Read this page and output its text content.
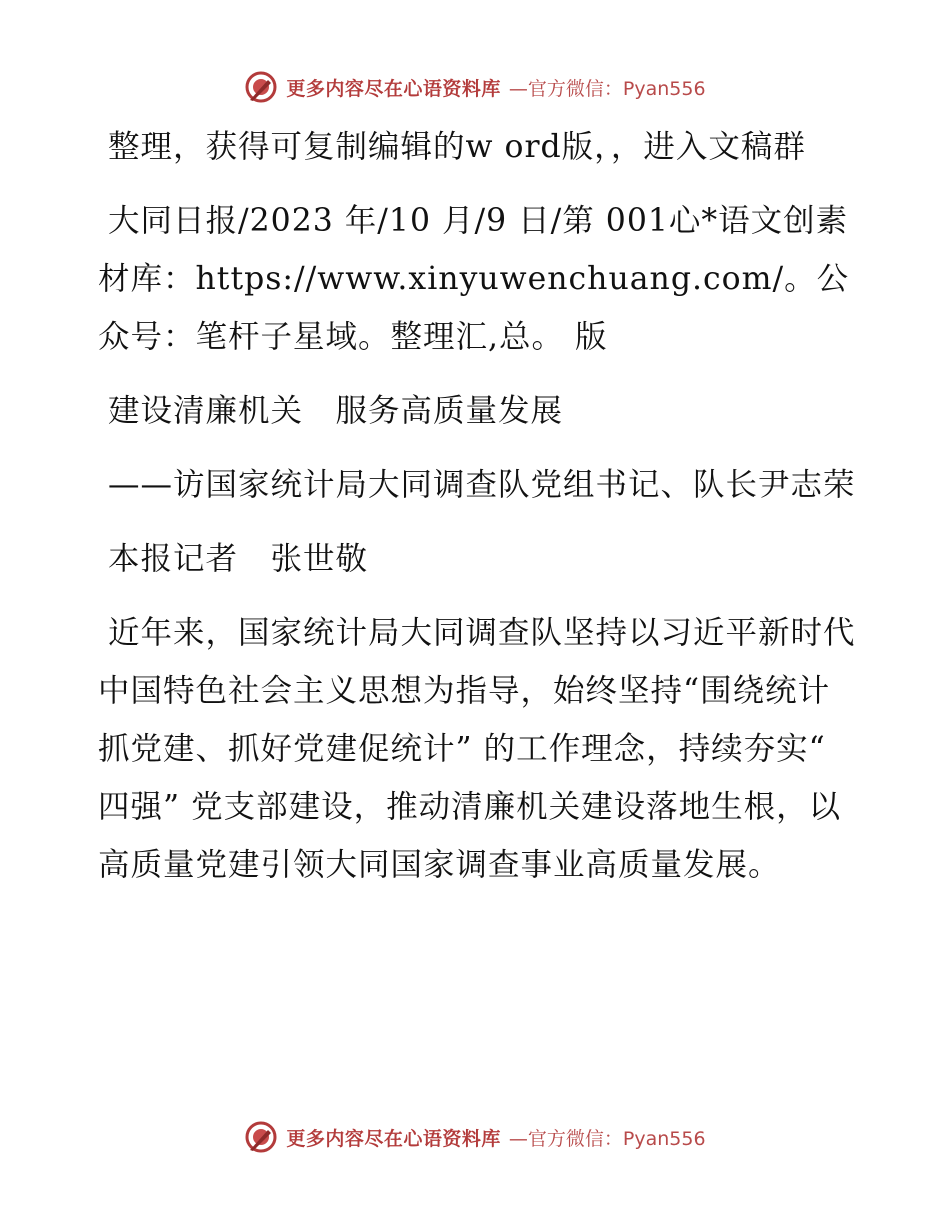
更多内容尽在心语资料库 —官方微信：Pyan556

整理，获得可复制编辑的w ord版，，进入文稿群

大同日报/2023 年/10 月/9 日/第 001心*语文创素材库：https://www.xinyuwenchuang.com/。公众号：笔杆子星域。整理汇,总。 版

建设清廉机关　服务高质量发展

——访国家统计局大同调查队党组书记、队长尹志荣

本报记者　张世敬

近年来，国家统计局大同调查队坚持以习近平新时代中国特色社会主义思想为指导，始终坚持“围绕统计抓党建、抓好党建促统计” 的工作理念，持续夯实“ 四强” 党支部建设，推动清廉机关建设落地生根，以高质量党建引领大同国家调查事业高质量发展。

更多内容尽在心语资料库 —官方微信：Pyan556
